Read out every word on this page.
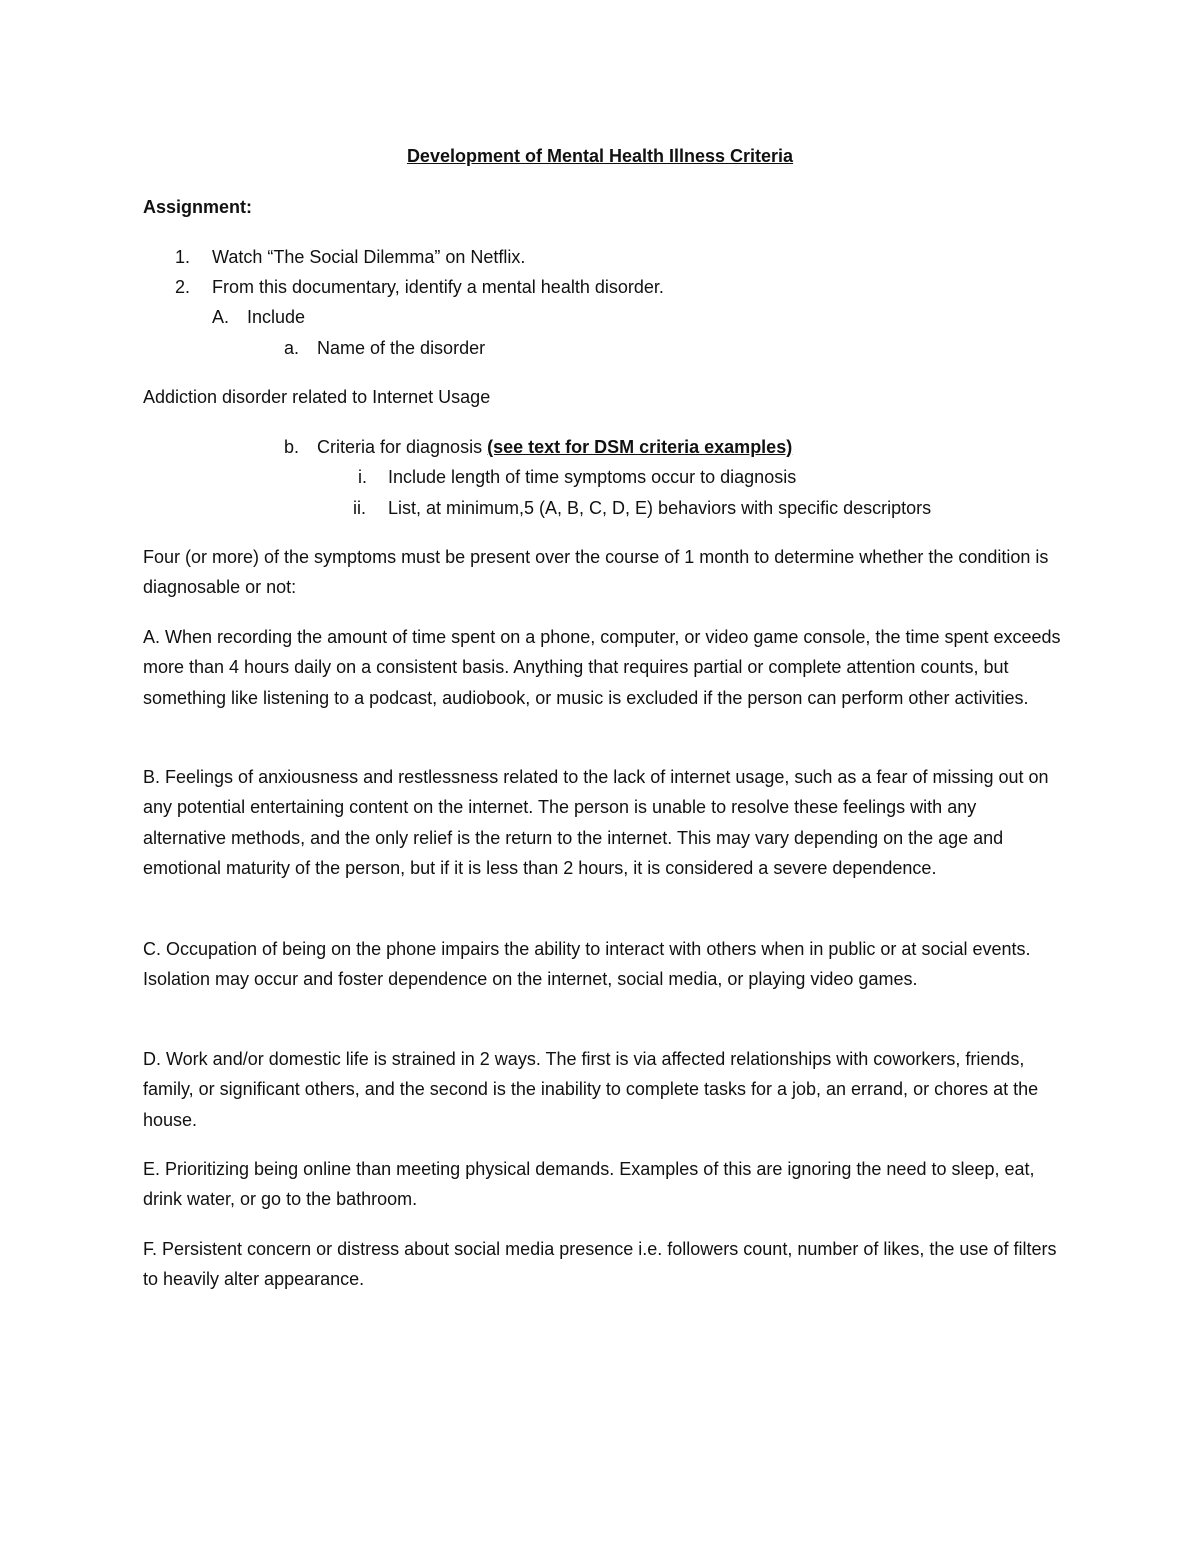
Development of Mental Health Illness Criteria
Assignment:
1. Watch “The Social Dilemma” on Netflix.
2. From this documentary, identify a mental health disorder.
A. Include
a. Name of the disorder
Addiction disorder related to Internet Usage
b. Criteria for diagnosis (see text for DSM criteria examples)
i. Include length of time symptoms occur to diagnosis
ii. List, at minimum,5 (A, B, C, D, E) behaviors with specific descriptors

Four (or more) of the symptoms must be present over the course of 1 month to determine whether the condition is diagnosable or not:

A. When recording the amount of time spent on a phone, computer, or video game console, the time spent exceeds more than 4 hours daily on a consistent basis. Anything that requires partial or complete attention counts, but something like listening to a podcast, audiobook, or music is excluded if the person can perform other activities.

B. Feelings of anxiousness and restlessness related to the lack of internet usage, such as a fear of missing out on any potential entertaining content on the internet. The person is unable to resolve these feelings with any alternative methods, and the only relief is the return to the internet. This may vary depending on the age and emotional maturity of the person, but if it is less than 2 hours, it is considered a severe dependence.

C. Occupation of being on the phone impairs the ability to interact with others when in public or at social events. Isolation may occur and foster dependence on the internet, social media, or playing video games.

D. Work and/or domestic life is strained in 2 ways. The first is via affected relationships with coworkers, friends, family, or significant others, and the second is the inability to complete tasks for a job, an errand, or chores at the house.

E. Prioritizing being online than meeting physical demands. Examples of this are ignoring the need to sleep, eat, drink water, or go to the bathroom.

F. Persistent concern or distress about social media presence i.e. followers count, number of likes, the use of filters to heavily alter appearance.
